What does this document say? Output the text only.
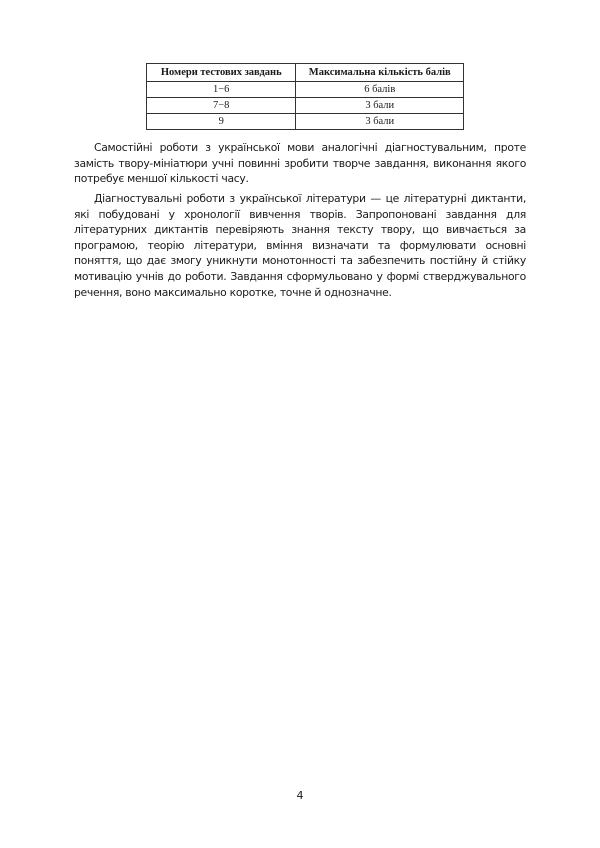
Номери тестових завдань	Максимальна кількість балів
1−6	6 балів
7−8	3 бали
9	3 бали

Самостійні роботи з української мови аналогічні діагностувальним, проте замість твору-мініатюри учні повинні зробити творче завдання, виконання якого потребує меншої кількості часу.

Діагностувальні роботи з української літератури — це літературні диктанти, які побудовані у хронології вивчення творів. Запропоновані завдання для літературних диктантів перевіряють знання тексту твору, що вивчається за програмою, теорію літератури, вміння визначати та формулювати основні поняття, що дає змогу уникнути монотонності та забезпечить постійну й стійку мотивацію учнів до роботи. Завдання сформульовано у формі стверджувального речення, воно максимально коротке, точне й однозначне.

4
